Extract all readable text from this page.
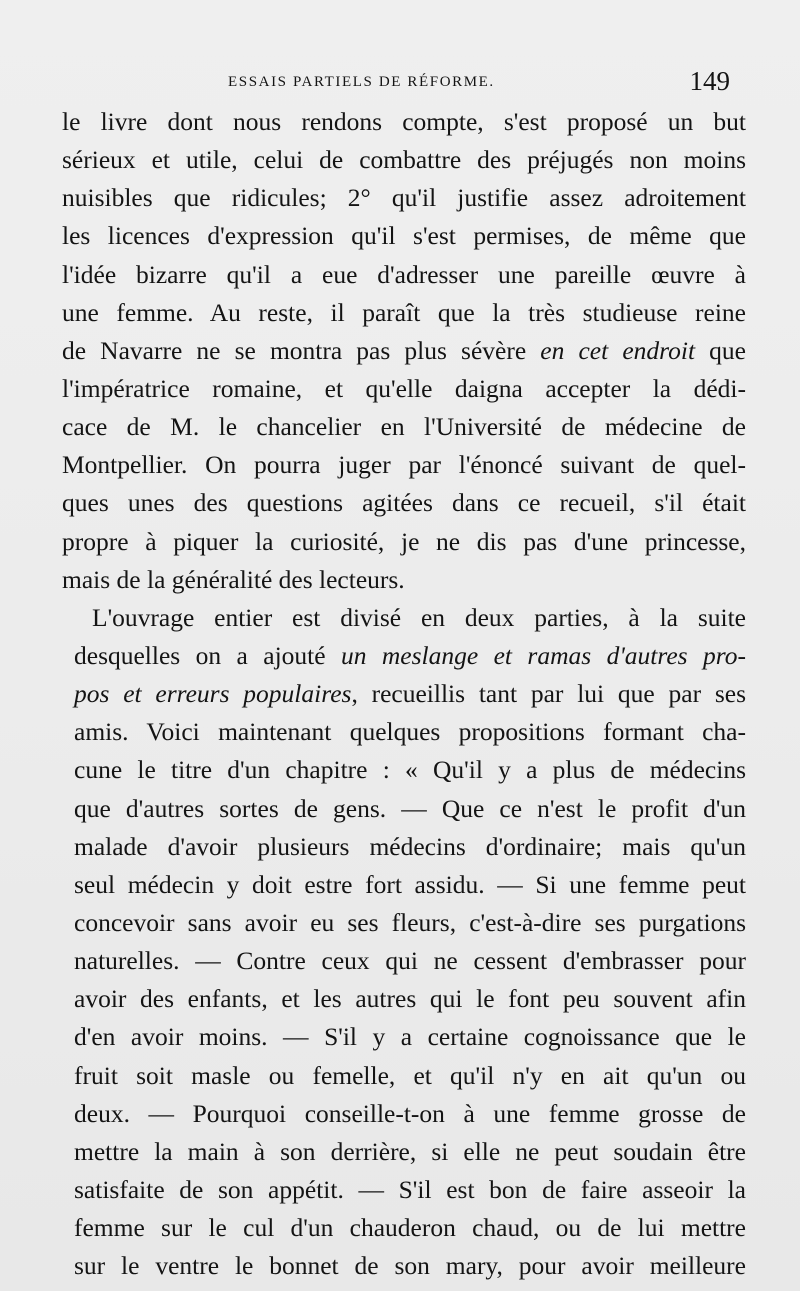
ESSAIS PARTIELS DE RÉFORME.	149
le livre dont nous rendons compte, s'est proposé un but
sérieux et utile, celui de combattre des préjugés non moins
nuisibles que ridicules; 2° qu'il justifie assez adroitement
les licences d'expression qu'il s'est permises, de même que
l'idée bizarre qu'il a eue d'adresser une pareille œuvre à
une femme. Au reste, il paraît que la très studieuse reine
de Navarre ne se montra pas plus sévère en cet endroit que
l'impératrice romaine, et qu'elle daigna accepter la dédi-
cace de M. le chancelier en l'Université de médecine de
Montpellier. On pourra juger par l'énoncé suivant de quel-
ques unes des questions agitées dans ce recueil, s'il était
propre à piquer la curiosité, je ne dis pas d'une princesse,
mais de la généralité des lecteurs.
L'ouvrage entier est divisé en deux parties, à la suite
desquelles on a ajouté un meslange et ramas d'autres pro-
pos et erreurs populaires, recueillis tant par lui que par ses
amis. Voici maintenant quelques propositions formant cha-
cune le titre d'un chapitre : « Qu'il y a plus de médecins
que d'autres sortes de gens. — Que ce n'est le profit d'un
malade d'avoir plusieurs médecins d'ordinaire; mais qu'un
seul médecin y doit estre fort assidu. — Si une femme peut
concevoir sans avoir eu ses fleurs, c'est-à-dire ses purgations
naturelles. — Contre ceux qui ne cessent d'embrasser pour
avoir des enfants, et les autres qui le font peu souvent afin
d'en avoir moins. — S'il y a certaine cognoissance que le
fruit soit masle ou femelle, et qu'il n'y en ait qu'un ou
deux. — Pourquoi conseille-t-on à une femme grosse de
mettre la main à son derrière, si elle ne peut soudain être
satisfaite de son appétit. — S'il est bon de faire asseoir la
femme sur le cul d'un chauderon chaud, ou de lui mettre
sur le ventre le bonnet de son mary, pour avoir meilleure
